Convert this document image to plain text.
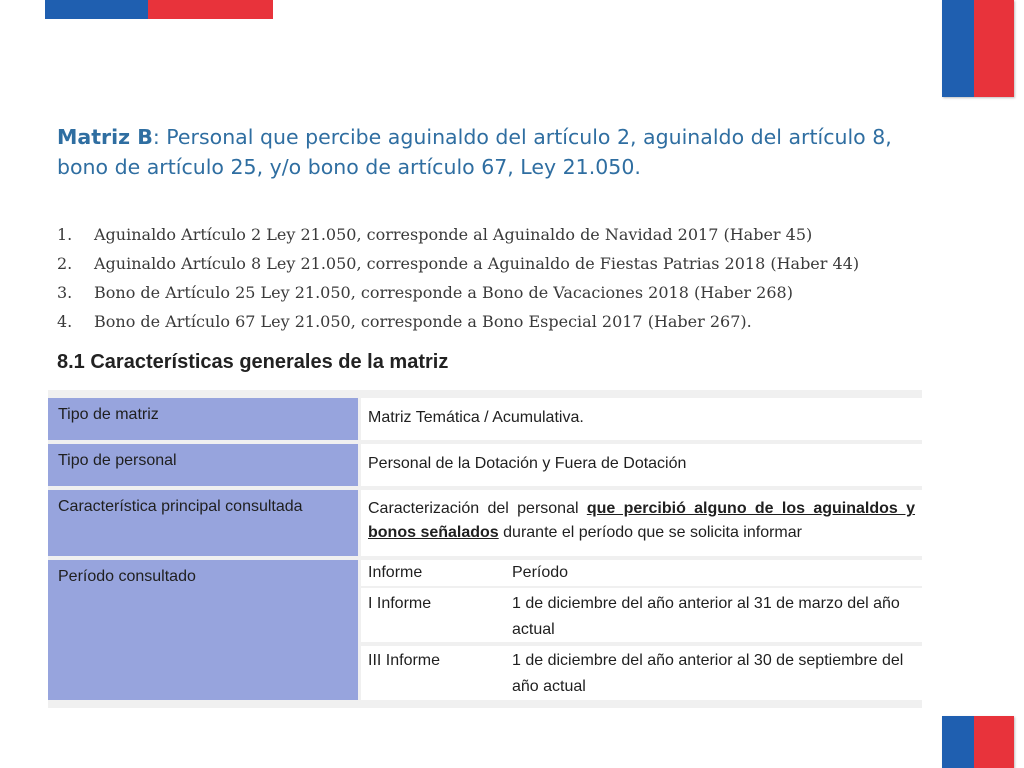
Matriz B: Personal que percibe aguinaldo del artículo 2, aguinaldo del artículo 8, bono de artículo 25, y/o bono de artículo 67, Ley 21.050.
1.	Aguinaldo Artículo 2 Ley 21.050, corresponde al Aguinaldo de Navidad 2017 (Haber 45)
2.	Aguinaldo Artículo 8 Ley 21.050, corresponde a Aguinaldo de Fiestas Patrias 2018 (Haber 44)
3.	Bono de Artículo 25 Ley 21.050, corresponde a Bono de Vacaciones 2018 (Haber 268)
4.	Bono de Artículo 67 Ley 21.050, corresponde a Bono Especial 2017 (Haber 267).
8.1 Características generales de la matriz
Tipo de matriz	Matriz Temática / Acumulativa.
Tipo de personal	Personal de la Dotación y Fuera de Dotación
Característica principal consultada	Caracterización del personal que percibió alguno de los aguinaldos y bonos señalados durante el período que se solicita informar
Período consultado	Informe	Período
I Informe	1 de diciembre del año anterior al 31 de marzo del año actual
III Informe	1 de diciembre del año anterior al 30 de septiembre del año actual
